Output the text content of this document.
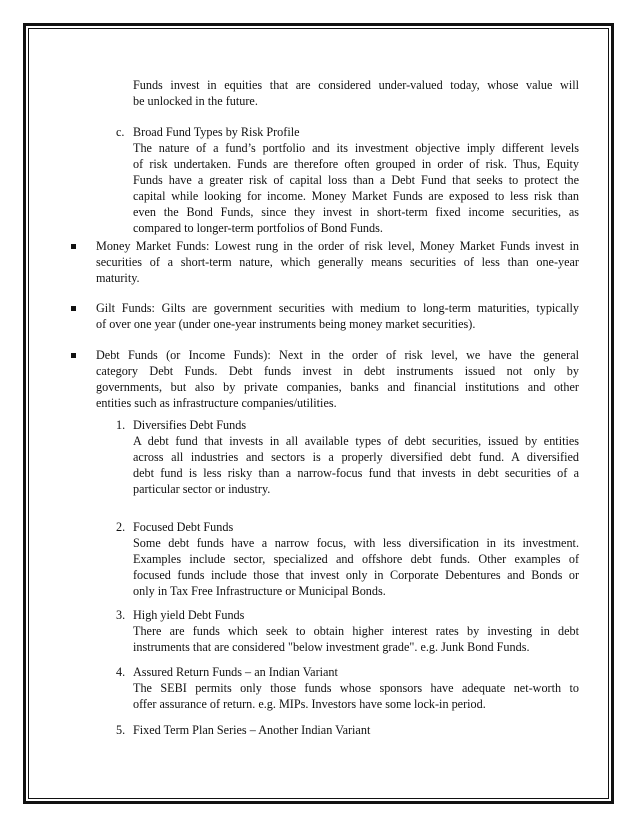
Funds invest in equities that are considered under-valued today, whose value will
be unlocked in the future.
c. Broad Fund Types by Risk Profile
The nature of a fund’s portfolio and its investment objective imply different levels
of risk undertaken. Funds are therefore often grouped in order of risk. Thus, Equity
Funds have a greater risk of capital loss than a Debt Fund that seeks to protect the
capital while looking for income. Money Market Funds are exposed to less risk than
even the Bond Funds, since they invest in short-term fixed income securities, as
compared to longer-term portfolios of Bond Funds.
Money Market Funds: Lowest rung in the order of risk level, Money Market Funds invest in
securities of a short-term nature, which generally means securities of less than one-year
maturity.
Gilt Funds: Gilts are government securities with medium to long-term maturities, typically
of over one year (under one-year instruments being money market securities).
Debt Funds (or Income Funds): Next in the order of risk level, we have the general
category Debt Funds. Debt funds invest in debt instruments issued not only by
governments, but also by private companies, banks and financial institutions and other
entities such as infrastructure companies/utilities.
1. Diversifies Debt Funds
A debt fund that invests in all available types of debt securities, issued by entities
across all industries and sectors is a properly diversified debt fund. A diversified
debt fund is less risky than a narrow-focus fund that invests in debt securities of a
particular sector or industry.
2. Focused Debt Funds
Some debt funds have a narrow focus, with less diversification in its investment.
Examples include sector, specialized and offshore debt funds. Other examples of
focused funds include those that invest only in Corporate Debentures and Bonds or
only in Tax Free Infrastructure or Municipal Bonds.
3. High yield Debt Funds
There are funds which seek to obtain higher interest rates by investing in debt
instruments that are considered "below investment grade". e.g. Junk Bond Funds.
4. Assured Return Funds – an Indian Variant
The SEBI permits only those funds whose sponsors have adequate net-worth to
offer assurance of return. e.g. MIPs. Investors have some lock-in period.
5. Fixed Term Plan Series – Another Indian Variant
